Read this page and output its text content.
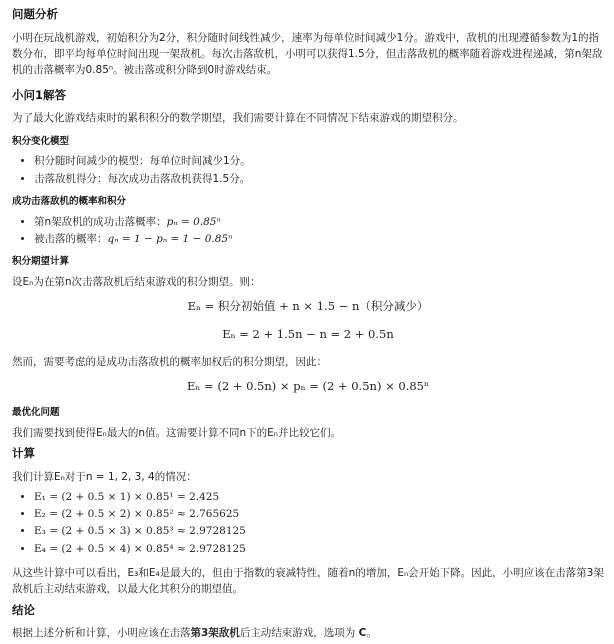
问题分析

小明在玩战机游戏，初始积分为2分，积分随时间线性减少，速率为每单位时间减少1分。游戏中，敌机的出现遵循参数为1的指数分布，即平均每单位时间出现一架敌机。每次击落敌机，小明可以获得1.5分，但击落敌机的概率随着游戏进程递减，第n架敌机的击落概率为0.85ⁿ。被击落或积分降到0时游戏结束。

小问1解答

为了最大化游戏结束时的累积积分的数学期望，我们需要计算在不同情况下结束游戏的期望积分。

积分变化模型
• 积分随时间减少的模型：每单位时间减少1分。
• 击落敌机得分：每次成功击落敌机获得1.5分。
成功击落敌机的概率和积分
• 第n架敌机的成功击落概率：pₙ = 0.85ⁿ
• 被击落的概率：qₙ = 1 − pₙ = 1 − 0.85ⁿ
积分期望计算

设Eₙ为在第n次击落敌机后结束游戏的积分期望。则：

Eₙ = 积分初始值 + n × 1.5 − n（积分减少）
Eₙ = 2 + 1.5n − n = 2 + 0.5n

然而，需要考虑的是成功击落敌机的概率加权后的积分期望，因此：

Eₙ = (2 + 0.5n) × pₙ = (2 + 0.5n) × 0.85ⁿ
最优化问题

我们需要找到使得Eₙ最大的n值。这需要计算不同n下的Eₙ并比较它们。

计算

我们计算Eₙ对于n = 1, 2, 3, 4的情况：

• E₁ = (2 + 0.5 × 1) × 0.85¹ = 2.425
• E₂ = (2 + 0.5 × 2) × 0.85² ≈ 2.765625
• E₃ = (2 + 0.5 × 3) × 0.85³ ≈ 2.9728125
• E₄ = (2 + 0.5 × 4) × 0.85⁴ ≈ 2.9728125

从这些计算中可以看出，E₃和E₄是最大的，但由于指数的衰减特性，随着n的增加，Eₙ会开始下降。因此，小明应该在击落第3架敌机后主动结束游戏，以最大化其积分的期望值。

结论

根据上述分析和计算，小明应该在击落第3架敌机后主动结束游戏，选项为 C。
